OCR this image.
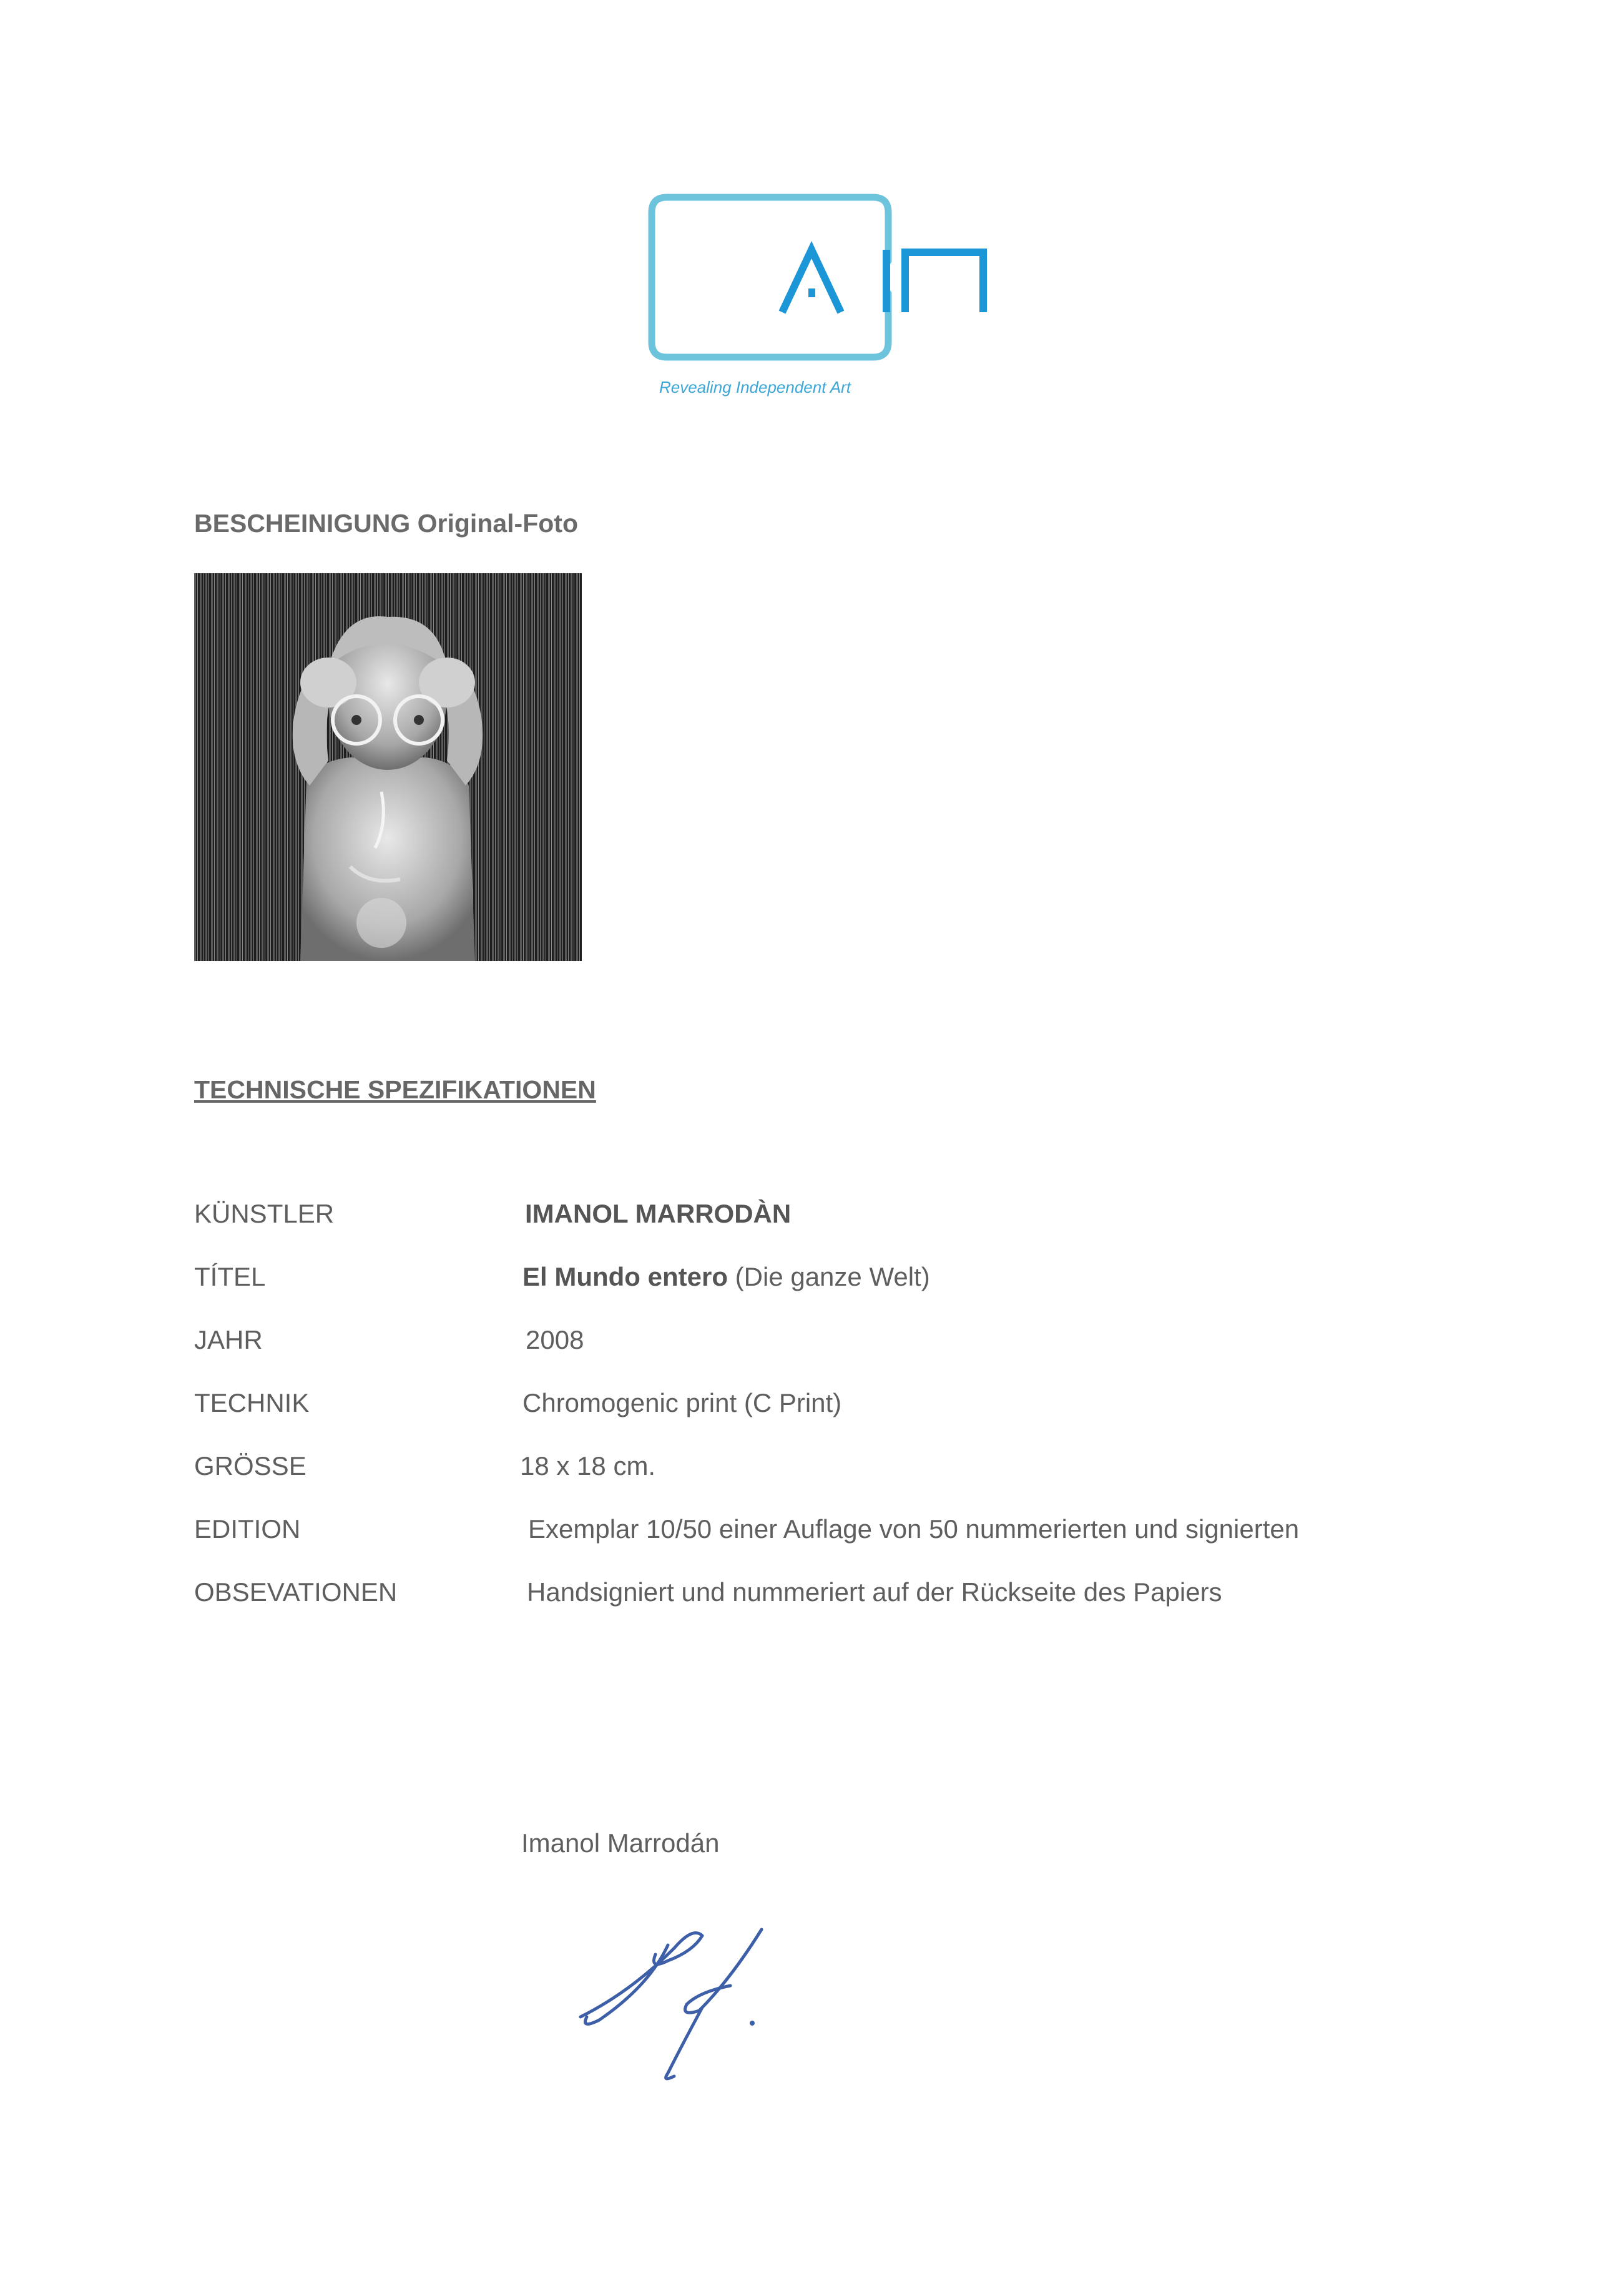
Revealing Independent Art
BESCHEINIGUNG Original-Foto
TECHNISCHE SPEZIFIKATIONEN
KÜNSTLER	IMANOL MARRODÀN
TÍTEL	El Mundo entero (Die ganze Welt)
JAHR	2008
TECHNIK	Chromogenic print (C Print)
GRÖSSE	18 x 18 cm.
EDITION	Exemplar 10/50 einer Auflage von 50 nummerierten und signierten
OBSEVATIONEN	Handsigniert und nummeriert auf der Rückseite des Papiers
Imanol Marrodán
